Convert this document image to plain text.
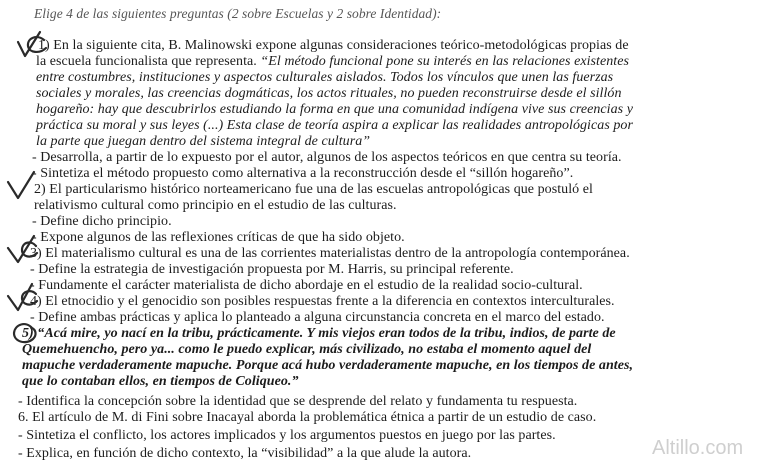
Elige 4 de las siguientes preguntas (2 sobre Escuelas y 2 sobre Identidad):
1) En la siguiente cita, B. Malinowski expone algunas consideraciones teórico-metodológicas propias de
la escuela funcionalista que representa. “El método funcional pone su interés en las relaciones existentes
entre costumbres, instituciones y aspectos culturales aislados. Todos los vínculos que unen las fuerzas
sociales y morales, las creencias dogmáticas, los actos rituales, no pueden reconstruirse desde el sillón
hogareño: hay que descubrirlos estudiando la forma en que una comunidad indígena vive sus creencias y
práctica su moral y sus leyes (...) Esta clase de teoría aspira a explicar las realidades antropológicas por
la parte que juegan dentro del sistema integral de cultura”
- Desarrolla, a partir de lo expuesto por el autor, algunos de los aspectos teóricos en que centra su teoría.
- Sintetiza el método propuesto como alternativa a la reconstrucción desde el “sillón hogareño”.
2) El particularismo histórico norteamericano fue una de las escuelas antropológicas que postuló el
relativismo cultural como principio en el estudio de las culturas.
- Define dicho principio.
- Expone algunos de las reflexiones críticas de que ha sido objeto.
3) El materialismo cultural es una de las corrientes materialistas dentro de la antropología contemporánea.
- Define la estrategia de investigación propuesta por M. Harris, su principal referente.
- Fundamente el carácter materialista de dicho abordaje en el estudio de la realidad socio-cultural.
4) El etnocidio y el genocidio son posibles respuestas frente a la diferencia en contextos interculturales.
- Define ambas prácticas y aplica lo planteado a alguna circunstancia concreta en el marco del estado.
5) “Acá mire, yo nací en la tribu, prácticamente. Y mis viejos eran todos de la tribu, indios, de parte de
Quemehuencho, pero ya... como le puedo explicar, más civilizado, no estaba el momento aquel del
mapuche verdaderamente mapuche. Porque acá hubo verdaderamente mapuche, en los tiempos de antes,
que lo contaban ellos, en tiempos de Coliqueo.”
- Identifica la concepción sobre la identidad que se desprende del relato y fundamenta tu respuesta.
6. El artículo de M. di Fini sobre Inacayal aborda la problemática étnica a partir de un estudio de caso.
- Sintetiza el conflicto, los actores implicados y los argumentos puestos en juego por las partes.
- Explica, en función de dicho contexto, la “visibilidad” a la que alude la autora.	Altillo.com
